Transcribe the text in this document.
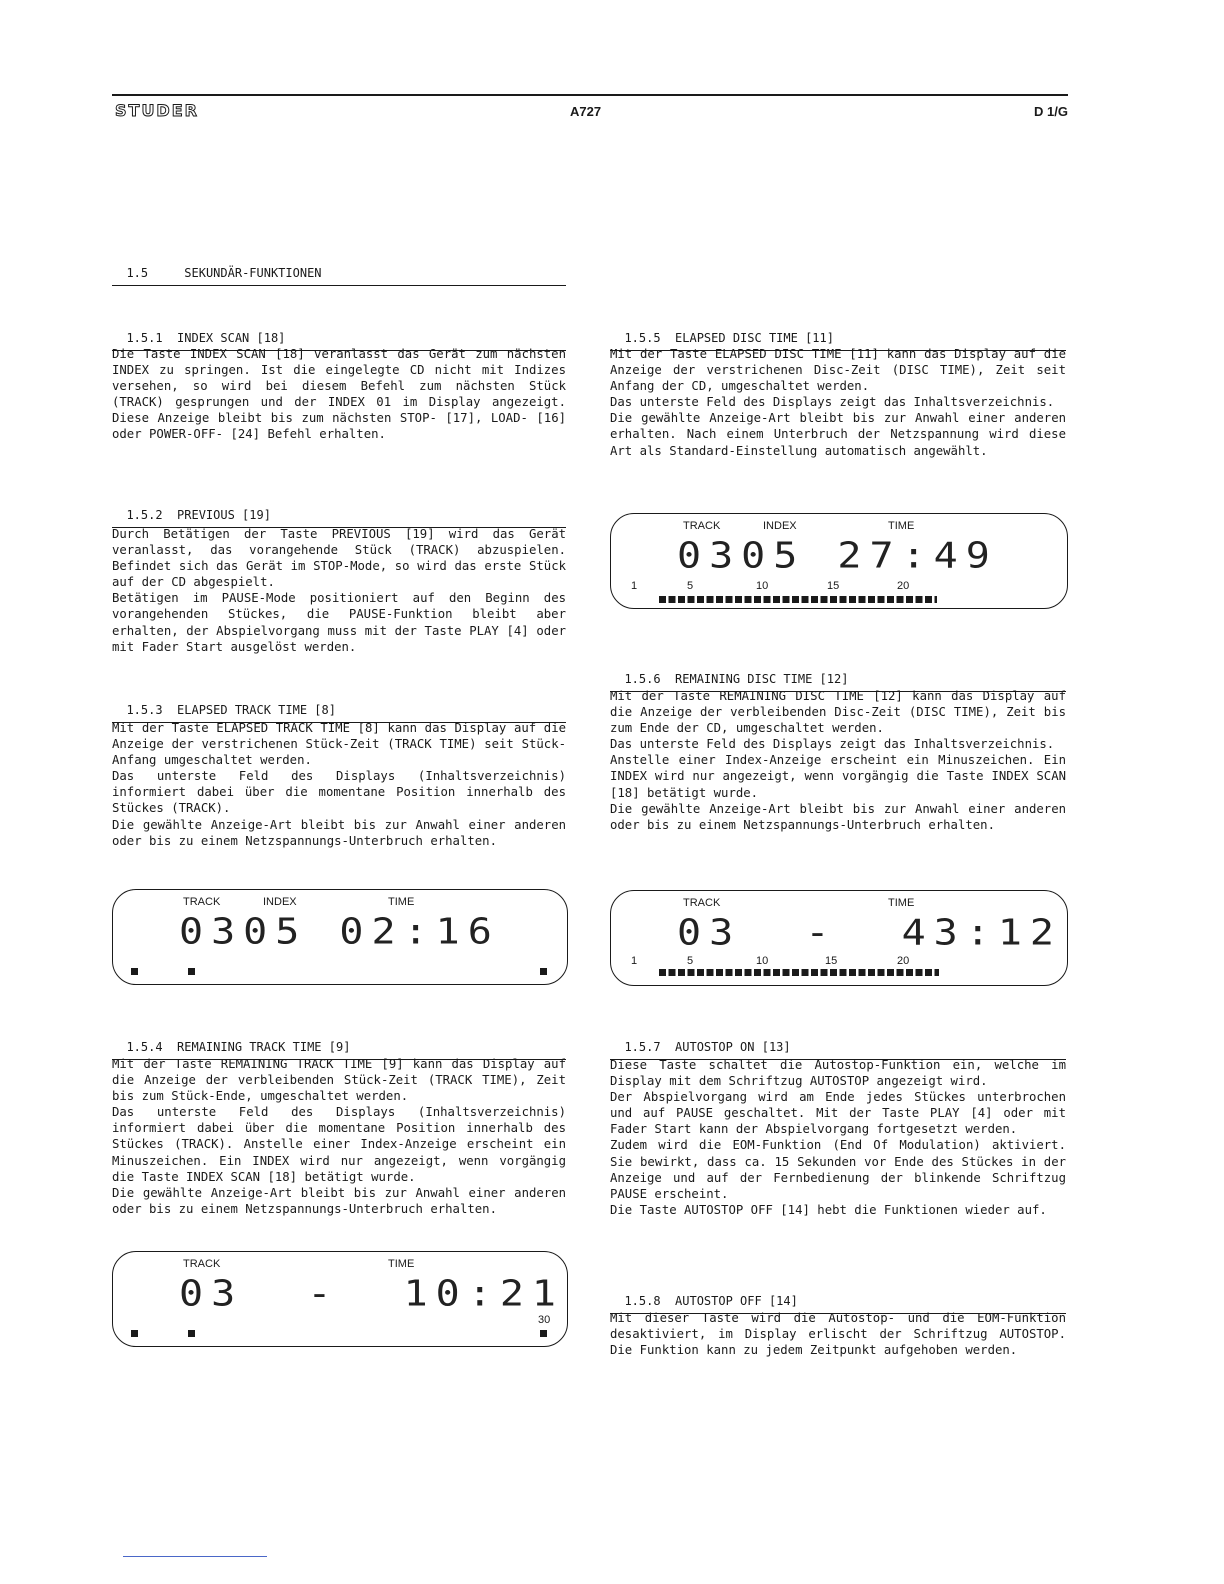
STUDER	A727	D 1/G

1.5	SEKUNDÄR-FUNKTIONEN

1.5.1 INDEX SCAN [18]

Die Taste INDEX SCAN [18] veranlasst das Gerät zum nächsten INDEX zu springen. Ist die eingelegte CD nicht mit Indizes versehen, so wird bei diesem Befehl zum nächsten Stück (TRACK) gesprungen und der INDEX 01 im Display angezeigt. Diese Anzeige bleibt bis zum nächsten STOP- [17], LOAD- [16] oder POWER-OFF- [24] Befehl erhalten.

1.5.2 PREVIOUS [19]

Durch Betätigen der Taste PREVIOUS [19] wird das Gerät veranlasst, das vorangehende Stück (TRACK) abzuspielen. Befindet sich das Gerät im STOP-Mode, so wird das erste Stück auf der CD abgespielt.

Betätigen im PAUSE-Mode positioniert auf den Beginn des vorangehenden Stückes, die PAUSE-Funktion bleibt aber erhalten, der Abspielvorgang muss mit der Taste PLAY [4] oder mit Fader Start ausgelöst werden.

1.5.3 ELAPSED TRACK TIME [8]

Mit der Taste ELAPSED TRACK TIME [8] kann das Display auf die Anzeige der verstrichenen Stück-Zeit (TRACK TIME) seit Stück-Anfang umgeschaltet werden.

Das unterste Feld des Displays (Inhaltsverzeichnis) informiert dabei über die momentane Position innerhalb des Stückes (TRACK).

Die gewählte Anzeige-Art bleibt bis zur Anwahl einer anderen oder bis zu einem Netzspannungs-Unterbruch erhalten.

TRACK	INDEX	TIME
0305 02:16

1.5.4 REMAINING TRACK TIME [9]

Mit der Taste REMAINING TRACK TIME [9] kann das Display auf die Anzeige der verbleibenden Stück-Zeit (TRACK TIME), Zeit bis zum Stück-Ende, umgeschaltet werden.

Das unterste Feld des Displays (Inhaltsverzeichnis) informiert dabei über die momentane Position innerhalb des Stückes (TRACK). Anstelle einer Index-Anzeige erscheint ein Minuszeichen. Ein INDEX wird nur angezeigt, wenn vorgängig die Taste INDEX SCAN [18] betätigt wurde.

Die gewählte Anzeige-Art bleibt bis zur Anwahl einer anderen oder bis zu einem Netzspannungs-Unterbruch erhalten.

TRACK	TIME
03  -  10:21
30

1.5.5 ELAPSED DISC TIME [11]

Mit der Taste ELAPSED DISC TIME [11] kann das Display auf die Anzeige der verstrichenen Disc-Zeit (DISC TIME), Zeit seit Anfang der CD, umgeschaltet werden.

Das unterste Feld des Displays zeigt das Inhaltsverzeichnis.

Die gewählte Anzeige-Art bleibt bis zur Anwahl einer anderen erhalten. Nach einem Unterbruch der Netzspannung wird diese Art als Standard-Einstellung automatisch angewählt.

TRACK	INDEX	TIME
0305 27:49
1	5	10	15	20

1.5.6 REMAINING DISC TIME [12]

Mit der Taste REMAINING DISC TIME [12] kann das Display auf die Anzeige der verbleibenden Disc-Zeit (DISC TIME), Zeit bis zum Ende der CD, umgeschaltet werden.

Das unterste Feld des Displays zeigt das Inhaltsverzeichnis.

Anstelle einer Index-Anzeige erscheint ein Minuszeichen. Ein INDEX wird nur angezeigt, wenn vorgängig die Taste INDEX SCAN [18] betätigt wurde.

Die gewählte Anzeige-Art bleibt bis zur Anwahl einer anderen oder bis zu einem Netzspannungs-Unterbruch erhalten.

TRACK	TIME
03  -  43:12
1	5	10	15	20

1.5.7 AUTOSTOP ON [13]

Diese Taste schaltet die Autostop-Funktion ein, welche im Display mit dem Schriftzug AUTOSTOP angezeigt wird.

Der Abspielvorgang wird am Ende jedes Stückes unterbrochen und auf PAUSE geschaltet. Mit der Taste PLAY [4] oder mit Fader Start kann der Abspielvorgang fortgesetzt werden.

Zudem wird die EOM-Funktion (End Of Modulation) aktiviert. Sie bewirkt, dass ca. 15 Sekunden vor Ende des Stückes in der Anzeige und auf der Fernbedienung der blinkende Schriftzug PAUSE erscheint.

Die Taste AUTOSTOP OFF [14] hebt die Funktionen wieder auf.

1.5.8 AUTOSTOP OFF [14]

Mit dieser Taste wird die Autostop- und die EOM-Funktion desaktiviert, im Display erlischt der Schriftzug AUTOSTOP. Die Funktion kann zu jedem Zeitpunkt aufgehoben werden.
